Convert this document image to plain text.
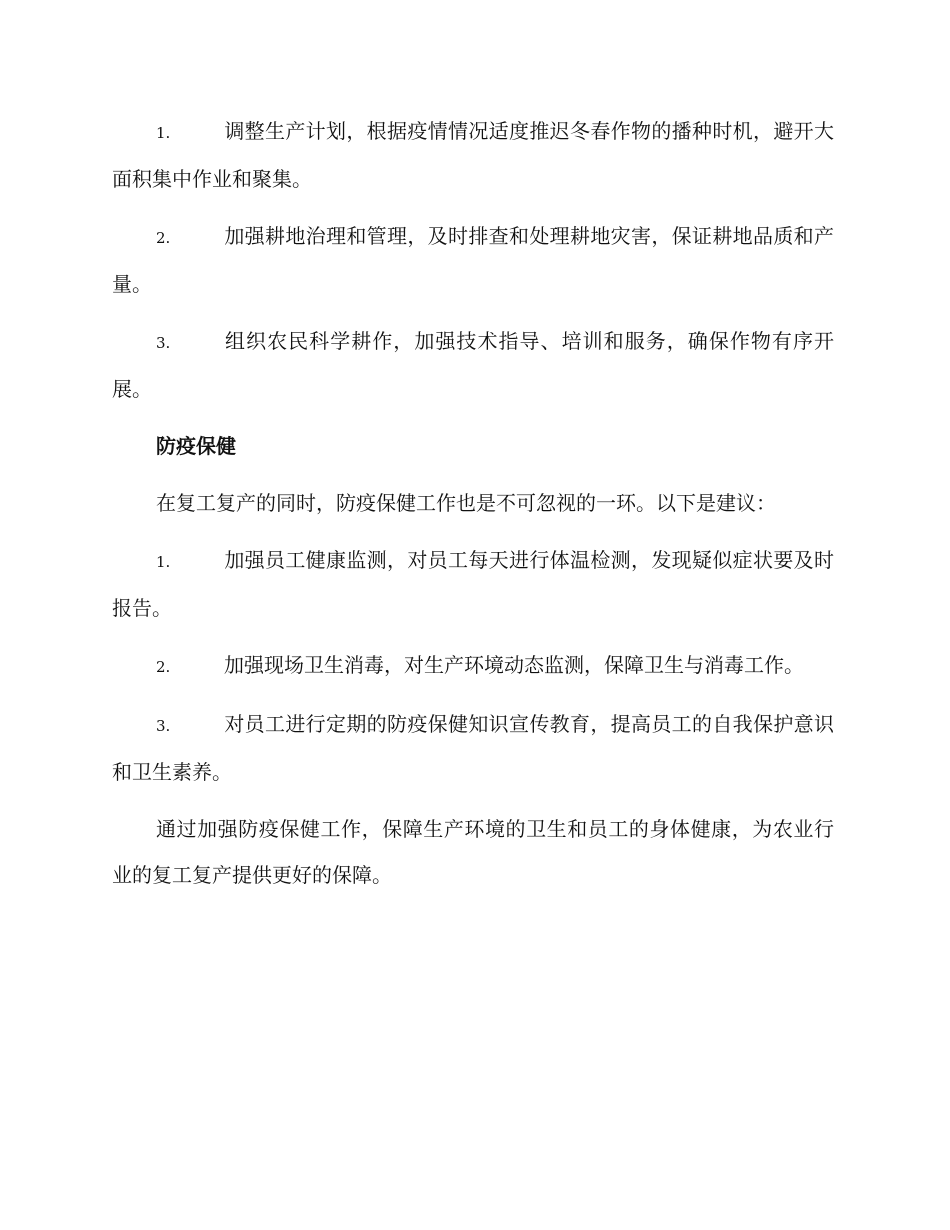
1.	调整生产计划，根据疫情情况适度推迟冬春作物的播种时机，避开大面积集中作业和聚集。
2.	加强耕地治理和管理，及时排查和处理耕地灾害，保证耕地品质和产量。
3.	组织农民科学耕作，加强技术指导、培训和服务，确保作物有序开展。
防疫保健

在复工复产的同时，防疫保健工作也是不可忽视的一环。以下是建议：

1.	加强员工健康监测，对员工每天进行体温检测，发现疑似症状要及时报告。
2.	加强现场卫生消毒，对生产环境动态监测，保障卫生与消毒工作。
3.	对员工进行定期的防疫保健知识宣传教育，提高员工的自我保护意识和卫生素养。

通过加强防疫保健工作，保障生产环境的卫生和员工的身体健康，为农业行业的复工复产提供更好的保障。
